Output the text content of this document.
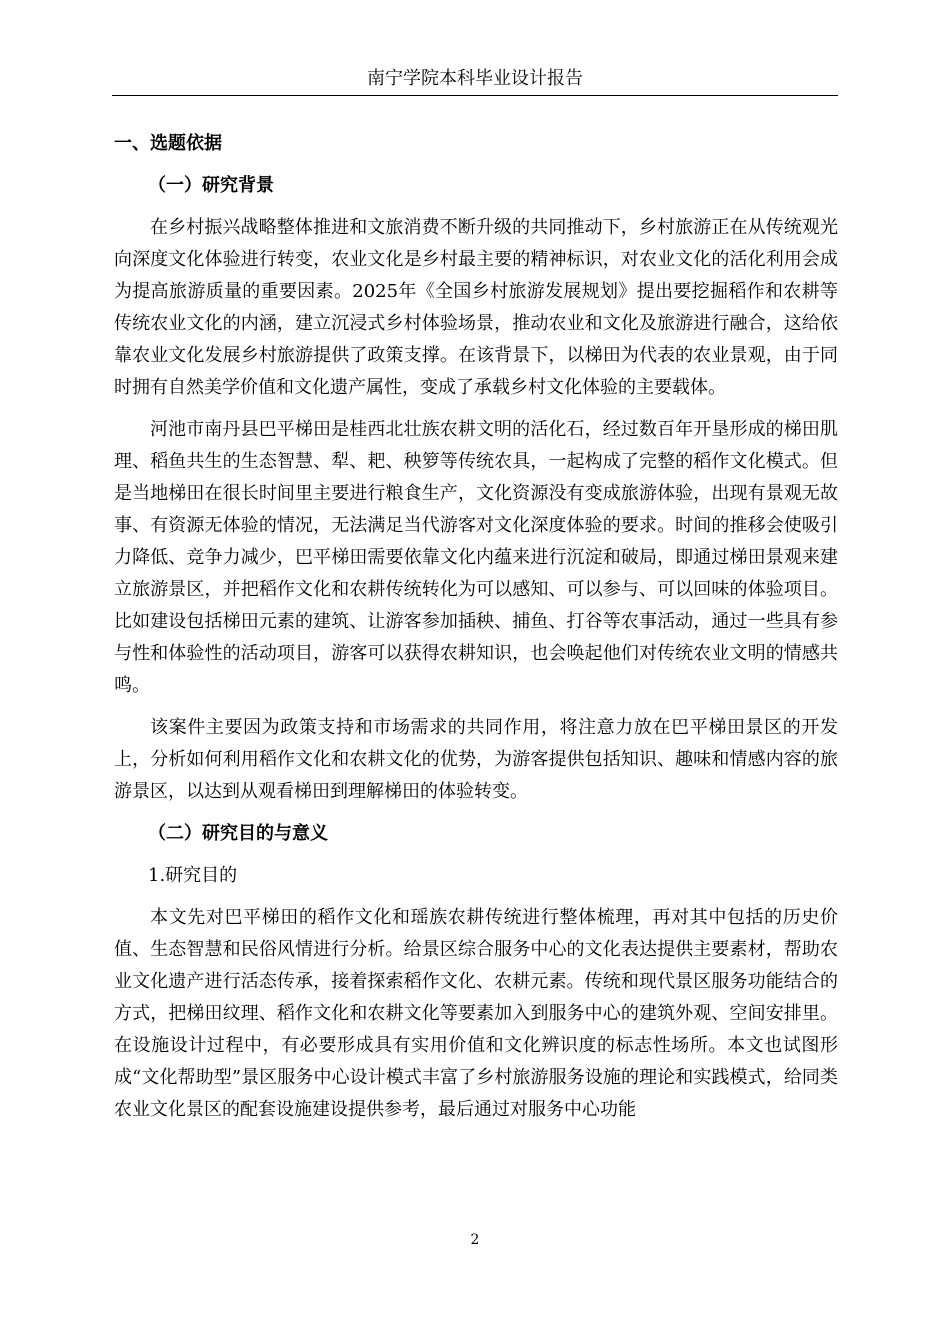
南宁学院本科毕业设计报告
一、选题依据
（一）研究背景

在乡村振兴战略整体推进和文旅消费不断升级的共同推动下，乡村旅游正在从传统观光向深度文化体验进行转变，农业文化是乡村最主要的精神标识，对农业文化的活化利用会成为提高旅游质量的重要因素。2025年《全国乡村旅游发展规划》提出要挖掘稻作和农耕等传统农业文化的内涵，建立沉浸式乡村体验场景，推动农业和文化及旅游进行融合，这给依靠农业文化发展乡村旅游提供了政策支撑。在该背景下，以梯田为代表的农业景观，由于同时拥有自然美学价值和文化遗产属性，变成了承载乡村文化体验的主要载体。

河池市南丹县巴平梯田是桂西北壮族农耕文明的活化石，经过数百年开垦形成的梯田肌理、稻鱼共生的生态智慧、犁、耙、秧箩等传统农具，一起构成了完整的稻作文化模式。但是当地梯田在很长时间里主要进行粮食生产，文化资源没有变成旅游体验，出现有景观无故事、有资源无体验的情况，无法满足当代游客对文化深度体验的要求。时间的推移会使吸引力降低、竞争力减少，巴平梯田需要依靠文化内蕴来进行沉淀和破局，即通过梯田景观来建立旅游景区，并把稻作文化和农耕传统转化为可以感知、可以参与、可以回味的体验项目。比如建设包括梯田元素的建筑、让游客参加插秧、捕鱼、打谷等农事活动，通过一些具有参与性和体验性的活动项目，游客可以获得农耕知识，也会唤起他们对传统农业文明的情感共鸣。

该案件主要因为政策支持和市场需求的共同作用，将注意力放在巴平梯田景区的开发上，分析如何利用稻作文化和农耕文化的优势，为游客提供包括知识、趣味和情感内容的旅游景区，以达到从观看梯田到理解梯田的体验转变。

（二）研究目的与意义
1.研究目的

本文先对巴平梯田的稻作文化和瑶族农耕传统进行整体梳理，再对其中包括的历史价值、生态智慧和民俗风情进行分析。给景区综合服务中心的文化表达提供主要素材，帮助农业文化遗产进行活态传承，接着探索稻作文化、农耕元素。传统和现代景区服务功能结合的方式，把梯田纹理、稻作文化和农耕文化等要素加入到服务中心的建筑外观、空间安排里。在设施设计过程中，有必要形成具有实用价值和文化辨识度的标志性场所。本文也试图形成“文化帮助型”景区服务中心设计模式丰富了乡村旅游服务设施的理论和实践模式，给同类农业文化景区的配套设施建设提供参考，最后通过对服务中心功能

2
